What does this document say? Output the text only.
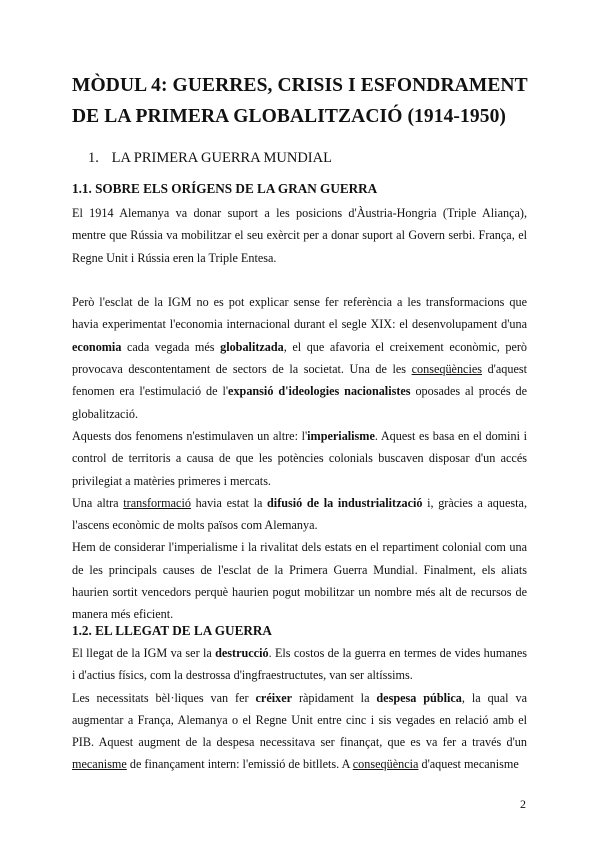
MÒDUL 4: GUERRES, CRISIS I ESFONDRAMENT DE LA PRIMERA GLOBALITZACIÓ (1914-1950)
1. LA PRIMERA GUERRA MUNDIAL
1.1. SOBRE ELS ORÍGENS DE LA GRAN GUERRA

El 1914 Alemanya va donar suport a les posicions d'Àustria-Hongria (Triple Aliança), mentre que Rússia va mobilitzar el seu exèrcit per a donar suport al Govern serbi. França, el Regne Unit i Rússia eren la Triple Entesa.

Però l'esclat de la IGM no es pot explicar sense fer referència a les transformacions que havia experimentat l'economia internacional durant el segle XIX: el desenvolupament d'una economia cada vegada més globalitzada, el que afavoria el creixement econòmic, però provocava descontentament de sectors de la societat. Una de les conseqüències d'aquest fenomen era l'estimulació de l'expansió d'ideologies nacionalistes oposades al procés de globalització.

Aquests dos fenomens n'estimulaven un altre: l'imperialisme. Aquest es basa en el domini i control de territoris a causa de que les potències colonials buscaven disposar d'un accés privilegiat a matèries primeres i mercats.

Una altra transformació havia estat la difusió de la industrialització i, gràcies a aquesta, l'ascens econòmic de molts països com Alemanya.

Hem de considerar l'imperialisme i la rivalitat dels estats en el repartiment colonial com una de les principals causes de l'esclat de la Primera Guerra Mundial. Finalment, els aliats haurien sortit vencedors perquè haurien pogut mobilitzar un nombre més alt de recursos de manera més eficient.

1.2. EL LLEGAT DE LA GUERRA

El llegat de la IGM va ser la destrucció. Els costos de la guerra en termes de vides humanes i d'actius físics, com la destrossa d'ingfraestructutes, van ser altíssims.

Les necessitats bèl·liques van fer créixer ràpidament la despesa pública, la qual va augmentar a França, Alemanya o el Regne Unit entre cinc i sis vegades en relació amb el PIB. Aquest augment de la despesa necessitava ser finançat, que es va fer a través d'un mecanisme de finançament intern: l'emissió de bitllets. A conseqüència d'aquest mecanisme

2
